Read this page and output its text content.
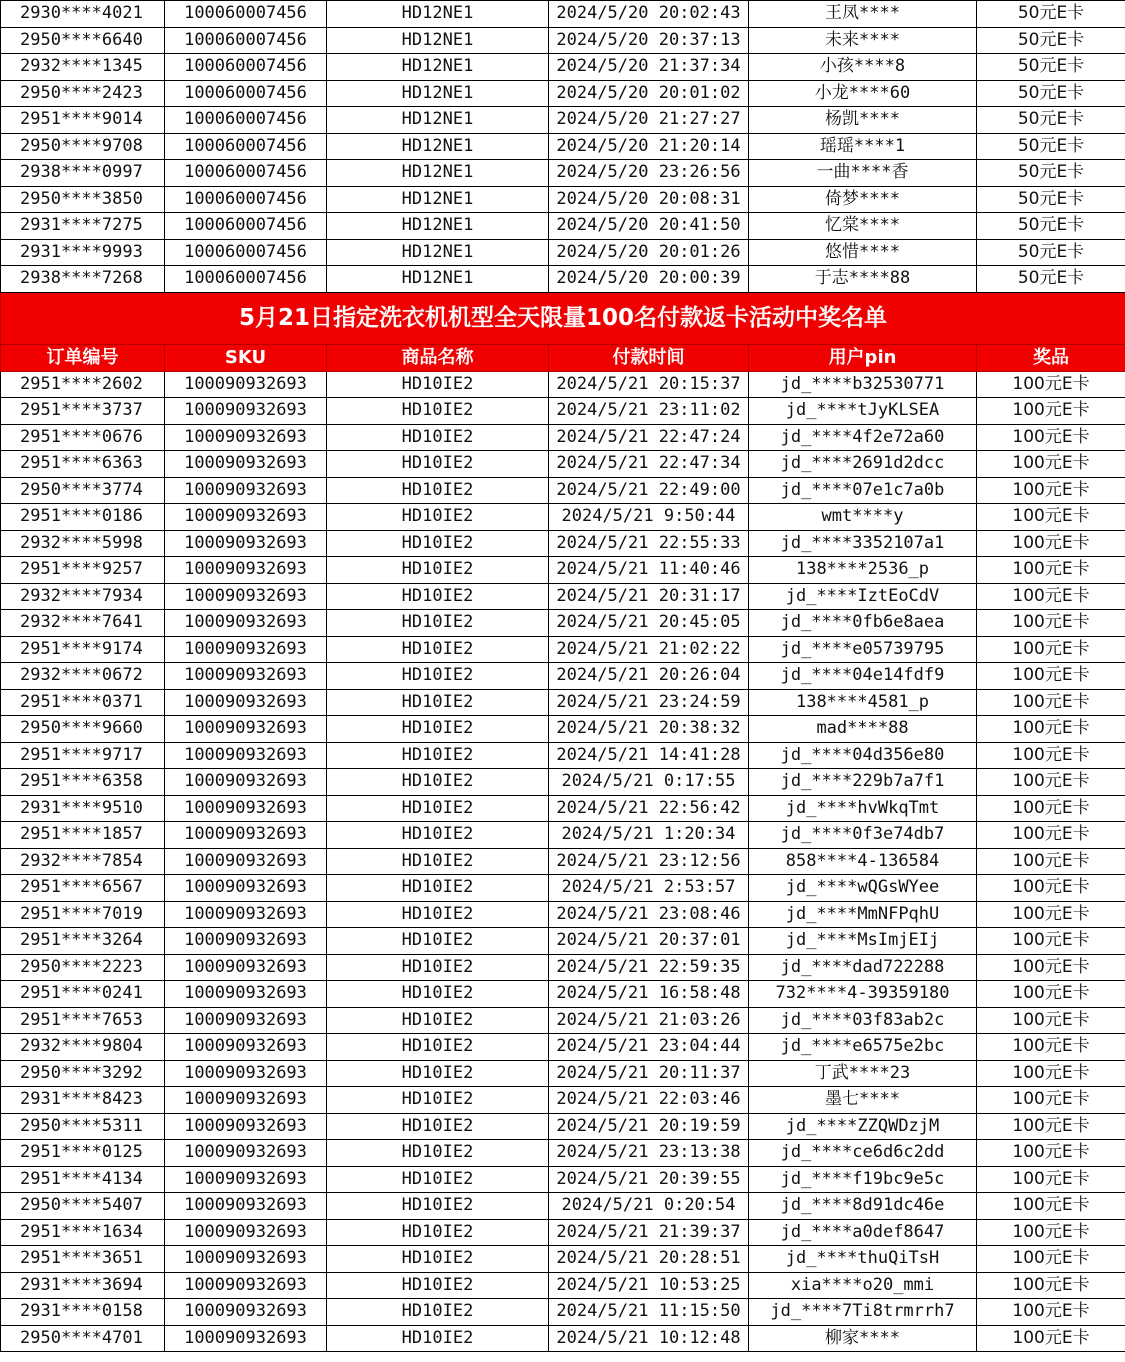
2930****4021	100060007456	HD12NE1	2024/5/20 20:02:43	王凤****	50元E卡
2950****6640	100060007456	HD12NE1	2024/5/20 20:37:13	未来****	50元E卡
2932****1345	100060007456	HD12NE1	2024/5/20 21:37:34	小孩****8	50元E卡
2950****2423	100060007456	HD12NE1	2024/5/20 20:01:02	小龙****60	50元E卡
2951****9014	100060007456	HD12NE1	2024/5/20 21:27:27	杨凯****	50元E卡
2950****9708	100060007456	HD12NE1	2024/5/20 21:20:14	瑶瑶****1	50元E卡
2938****0997	100060007456	HD12NE1	2024/5/20 23:26:56	一曲****香	50元E卡
2950****3850	100060007456	HD12NE1	2024/5/20 20:08:31	倚梦****	50元E卡
2931****7275	100060007456	HD12NE1	2024/5/20 20:41:50	忆棠****	50元E卡
2931****9993	100060007456	HD12NE1	2024/5/20 20:01:26	悠惜****	50元E卡
2938****7268	100060007456	HD12NE1	2024/5/20 20:00:39	于志****88	50元E卡
5月21日指定洗衣机机型全天限量100名付款返卡活动中奖名单					
订单编号	SKU	商品名称	付款时间	用户pin	奖品
2951****2602	100090932693	HD10IE2	2024/5/21 20:15:37	jd_****b32530771	100元E卡
2951****3737	100090932693	HD10IE2	2024/5/21 23:11:02	jd_****tJyKLSEA	100元E卡
2951****0676	100090932693	HD10IE2	2024/5/21 22:47:24	jd_****4f2e72a60	100元E卡
2951****6363	100090932693	HD10IE2	2024/5/21 22:47:34	jd_****2691d2dcc	100元E卡
2950****3774	100090932693	HD10IE2	2024/5/21 22:49:00	jd_****07e1c7a0b	100元E卡
2951****0186	100090932693	HD10IE2	2024/5/21 9:50:44	wmt****y	100元E卡
2932****5998	100090932693	HD10IE2	2024/5/21 22:55:33	jd_****3352107a1	100元E卡
2951****9257	100090932693	HD10IE2	2024/5/21 11:40:46	138****2536_p	100元E卡
2932****7934	100090932693	HD10IE2	2024/5/21 20:31:17	jd_****IztEoCdV	100元E卡
2932****7641	100090932693	HD10IE2	2024/5/21 20:45:05	jd_****0fb6e8aea	100元E卡
2951****9174	100090932693	HD10IE2	2024/5/21 21:02:22	jd_****e05739795	100元E卡
2932****0672	100090932693	HD10IE2	2024/5/21 20:26:04	jd_****04e14fdf9	100元E卡
2951****0371	100090932693	HD10IE2	2024/5/21 23:24:59	138****4581_p	100元E卡
2950****9660	100090932693	HD10IE2	2024/5/21 20:38:32	mad****88	100元E卡
2951****9717	100090932693	HD10IE2	2024/5/21 14:41:28	jd_****04d356e80	100元E卡
2951****6358	100090932693	HD10IE2	2024/5/21 0:17:55	jd_****229b7a7f1	100元E卡
2931****9510	100090932693	HD10IE2	2024/5/21 22:56:42	jd_****hvWkqTmt	100元E卡
2951****1857	100090932693	HD10IE2	2024/5/21 1:20:34	jd_****0f3e74db7	100元E卡
2932****7854	100090932693	HD10IE2	2024/5/21 23:12:56	858****4-136584	100元E卡
2951****6567	100090932693	HD10IE2	2024/5/21 2:53:57	jd_****wQGsWYee	100元E卡
2951****7019	100090932693	HD10IE2	2024/5/21 23:08:46	jd_****MmNFPqhU	100元E卡
2951****3264	100090932693	HD10IE2	2024/5/21 20:37:01	jd_****MsImjEIj	100元E卡
2950****2223	100090932693	HD10IE2	2024/5/21 22:59:35	jd_****dad722288	100元E卡
2951****0241	100090932693	HD10IE2	2024/5/21 16:58:48	732****4-39359180	100元E卡
2951****7653	100090932693	HD10IE2	2024/5/21 21:03:26	jd_****03f83ab2c	100元E卡
2932****9804	100090932693	HD10IE2	2024/5/21 23:04:44	jd_****e6575e2bc	100元E卡
2950****3292	100090932693	HD10IE2	2024/5/21 20:11:37	丁武****23	100元E卡
2931****8423	100090932693	HD10IE2	2024/5/21 22:03:46	墨七****	100元E卡
2950****5311	100090932693	HD10IE2	2024/5/21 20:19:59	jd_****ZZQWDzjM	100元E卡
2951****0125	100090932693	HD10IE2	2024/5/21 23:13:38	jd_****ce6d6c2dd	100元E卡
2951****4134	100090932693	HD10IE2	2024/5/21 20:39:55	jd_****f19bc9e5c	100元E卡
2950****5407	100090932693	HD10IE2	2024/5/21 0:20:54	jd_****8d91dc46e	100元E卡
2951****1634	100090932693	HD10IE2	2024/5/21 21:39:37	jd_****a0def8647	100元E卡
2951****3651	100090932693	HD10IE2	2024/5/21 20:28:51	jd_****thuQiTsH	100元E卡
2931****3694	100090932693	HD10IE2	2024/5/21 10:53:25	xia****o20_mmi	100元E卡
2931****0158	100090932693	HD10IE2	2024/5/21 11:15:50	jd_****7Ti8trmrrh7	100元E卡
2950****4701	100090932693	HD10IE2	2024/5/21 10:12:48	柳家****	100元E卡
